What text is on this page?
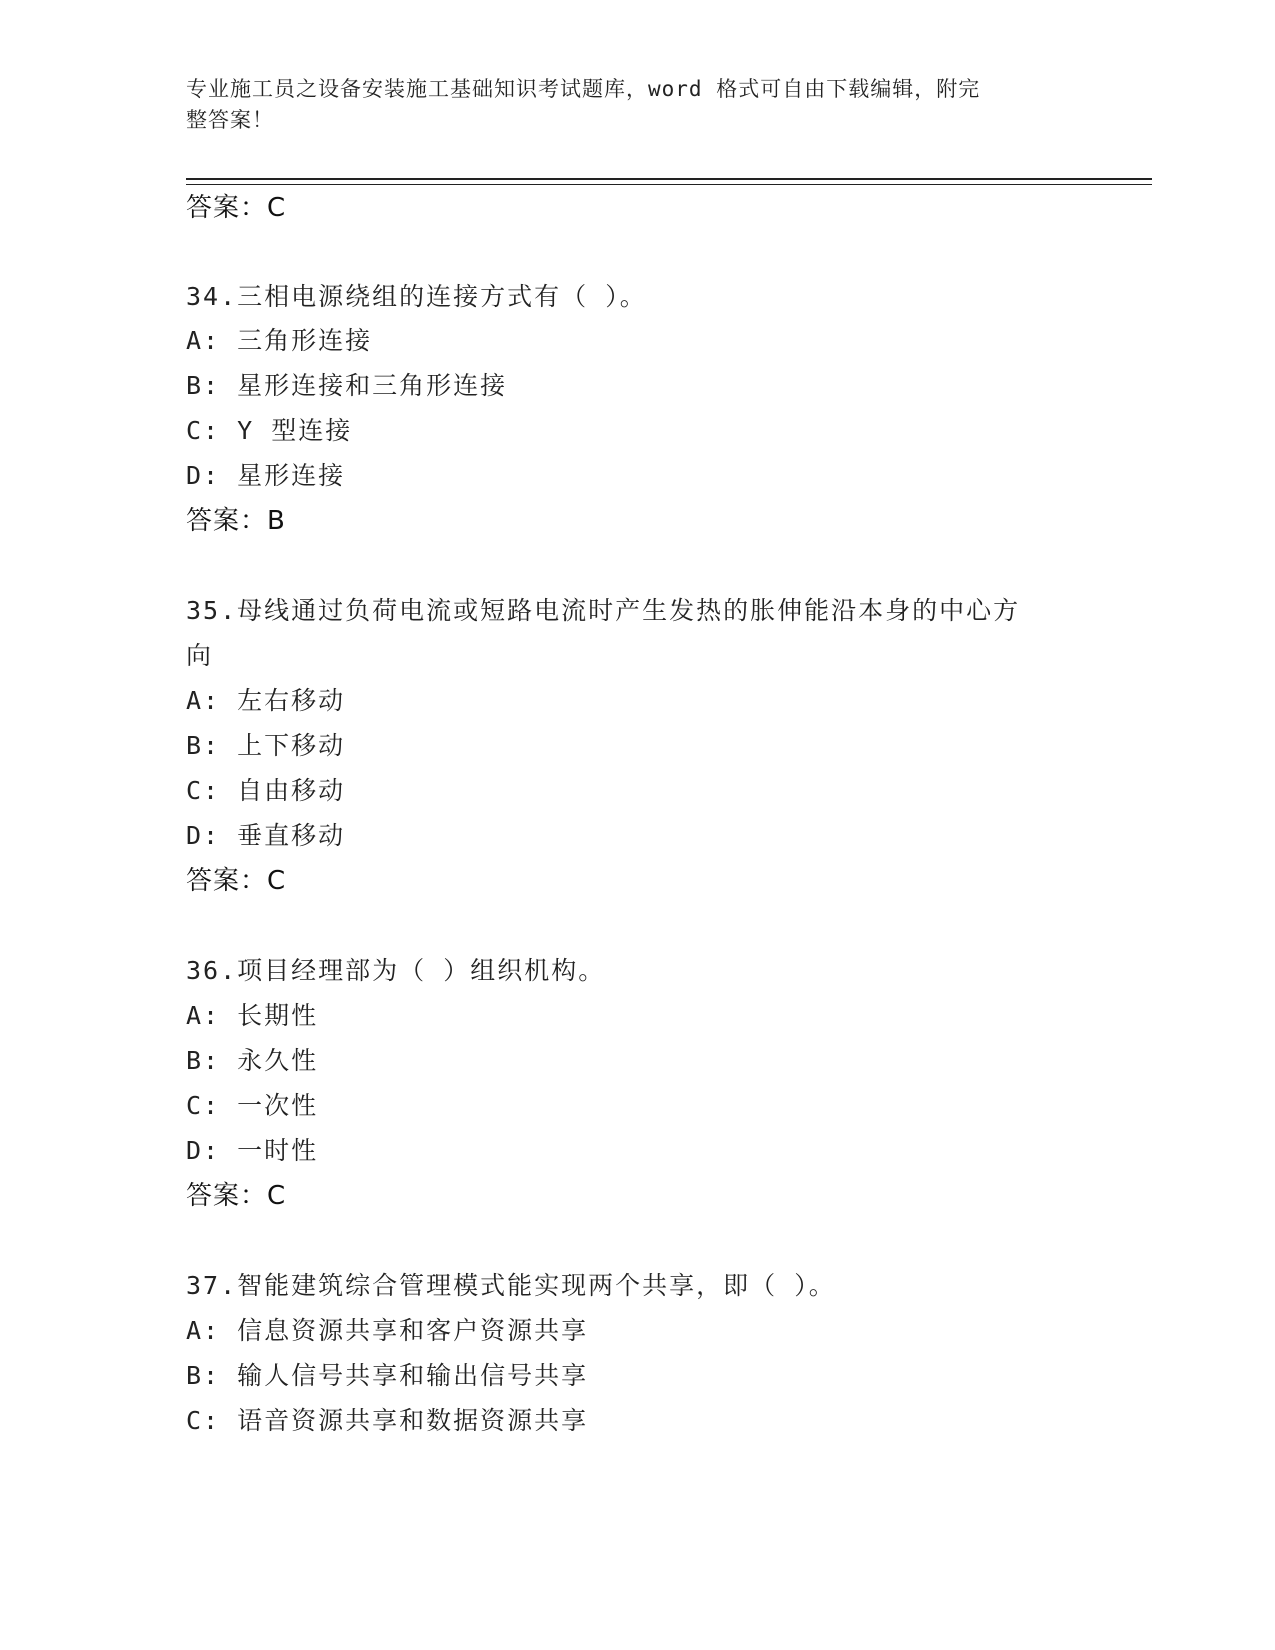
专业施工员之设备安装施工基础知识考试题库，word 格式可自由下载编辑，附完
整答案！
答案：C
34.三相电源绕组的连接方式有（ ）。
A: 三角形连接
B: 星形连接和三角形连接
C: Y 型连接
D: 星形连接
答案：B
35.母线通过负荷电流或短路电流时产生发热的胀伸能沿本身的中心方
向
A: 左右移动
B: 上下移动
C: 自由移动
D: 垂直移动
答案：C
36.项目经理部为（ ）组织机构。
A: 长期性
B: 永久性
C: 一次性
D: 一时性
答案：C
37.智能建筑综合管理模式能实现两个共享，即（ ）。
A: 信息资源共享和客户资源共享
B: 输人信号共享和输出信号共享
C: 语音资源共享和数据资源共享
